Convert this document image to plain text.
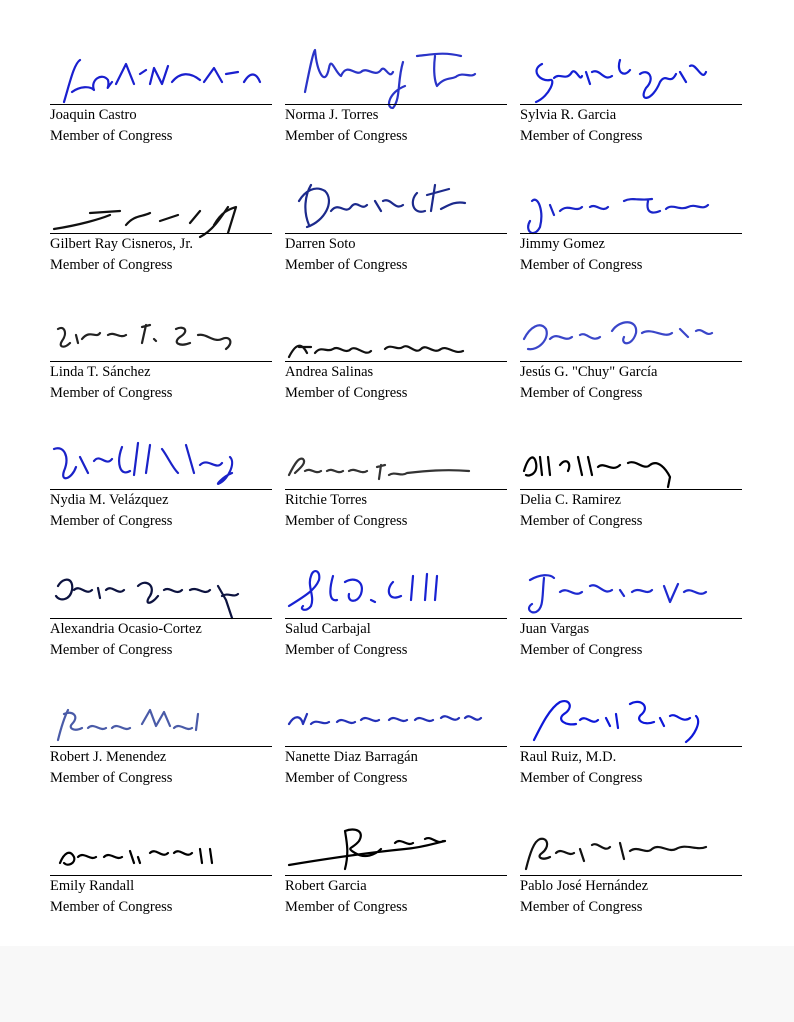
Joaquin Castro
Member of Congress
Norma J. Torres
Member of Congress
Sylvia R. Garcia
Member of Congress
Gilbert Ray Cisneros, Jr.
Member of Congress
Darren Soto
Member of Congress
Jimmy Gomez
Member of Congress
Linda T. Sánchez
Member of Congress
Andrea Salinas
Member of Congress
Jesús G. "Chuy" García
Member of Congress
Nydia M. Velázquez
Member of Congress
Ritchie Torres
Member of Congress
Delia C. Ramirez
Member of Congress
Alexandria Ocasio-Cortez
Member of Congress
Salud Carbajal
Member of Congress
Juan Vargas
Member of Congress
Robert J. Menendez
Member of Congress
Nanette Diaz Barragán
Member of Congress
Raul Ruiz, M.D.
Member of Congress
Emily Randall
Member of Congress
Robert Garcia
Member of Congress
Pablo José Hernández
Member of Congress
